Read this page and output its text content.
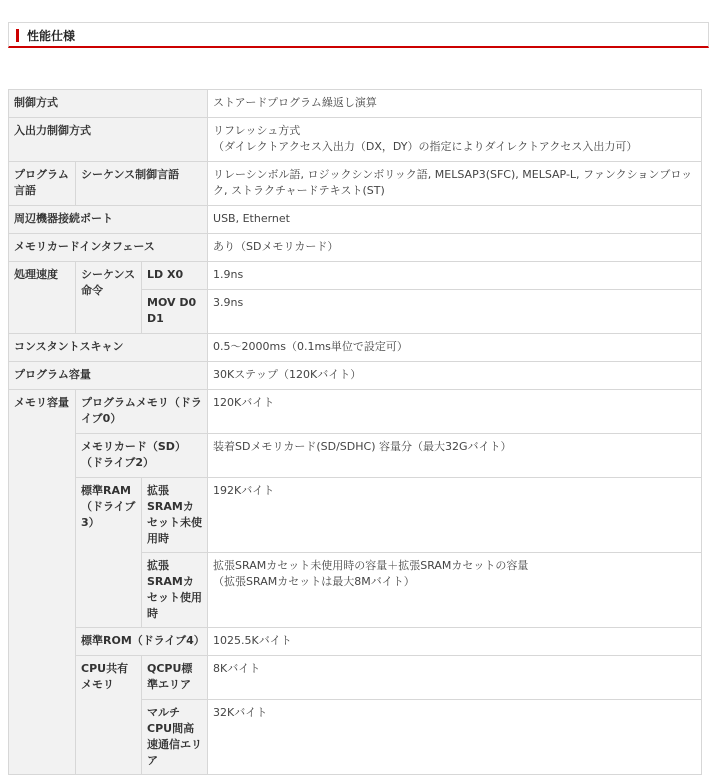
性能仕様
制御方式			ストアードプログラム繰返し演算
入出力制御方式			リフレッシュ方式
（ダイレクトアクセス入出力（DX，DY）の指定によりダイレクトアクセス入出力可）

プログラム言語	シーケンス制御言語		リレーシンボル語, ロジックシンボリック語, MELSAP3(SFC), MELSAP-L, ファンクションブロック, ストラクチャードテキスト(ST)
周辺機器接続ポート			USB, Ethernet
メモリカードインタフェース			あり（SDメモリカード）
処理速度	シーケンス命令	LD X0	1.9ns
		MOV D0 D1	3.9ns
コンスタントスキャン			0.5～2000ms（0.1ms単位で設定可）
プログラム容量			30Kステップ（120Kバイト）
メモリ容量	プログラムメモリ（ドライブ0）		120Kバイト
	メモリカード（SD）（ドライブ2）		装着SDメモリカード(SD/SDHC) 容量分（最大32Gバイト）
	標準RAM（ドライブ3）	拡張SRAMカセット未使用時	192Kバイト
		拡張SRAMカセット使用時	拡張SRAMカセット未使用時の容量＋拡張SRAMカセットの容量
（拡張SRAMカセットは最大8Mバイト）

	標準ROM（ドライブ4）		1025.5Kバイト
	CPU共有メモリ	QCPU標準エリア	8Kバイト
		マルチCPU間高速通信エリア	32Kバイト
